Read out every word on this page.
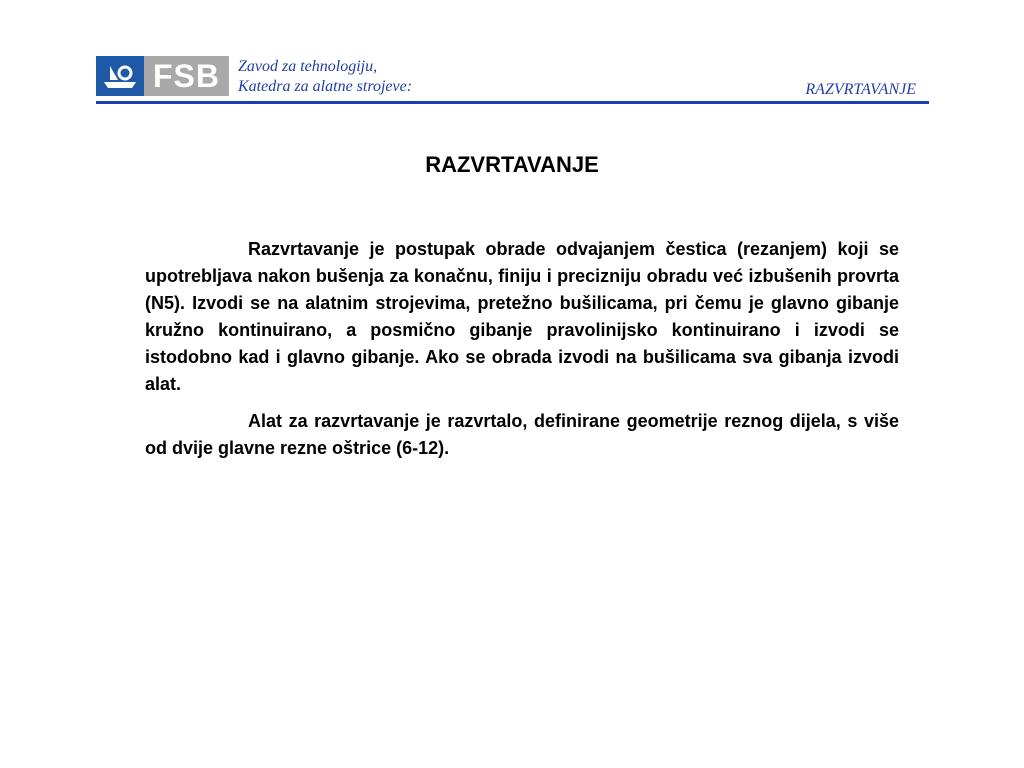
FSB	Zavod za tehnologiju,
Katedra za alatne strojeve:	RAZVRTAVANJE
RAZVRTAVANJE

Razvrtavanje je postupak obrade odvajanjem čestica (rezanjem) koji se upotrebljava nakon bušenja za konačnu, finiju i precizniju obradu već izbušenih provrta (N5). Izvodi se na alatnim strojevima, pretežno bušilicama, pri čemu je glavno gibanje kružno kontinuirano, a posmično gibanje pravolinijsko kontinuirano i izvodi se istodobno kad i glavno gibanje. Ako se obrada izvodi na bušilicama sva gibanja izvodi alat.

Alat za razvrtavanje je razvrtalo, definirane geometrije reznog dijela, s više od dvije glavne rezne oštrice (6-12).
